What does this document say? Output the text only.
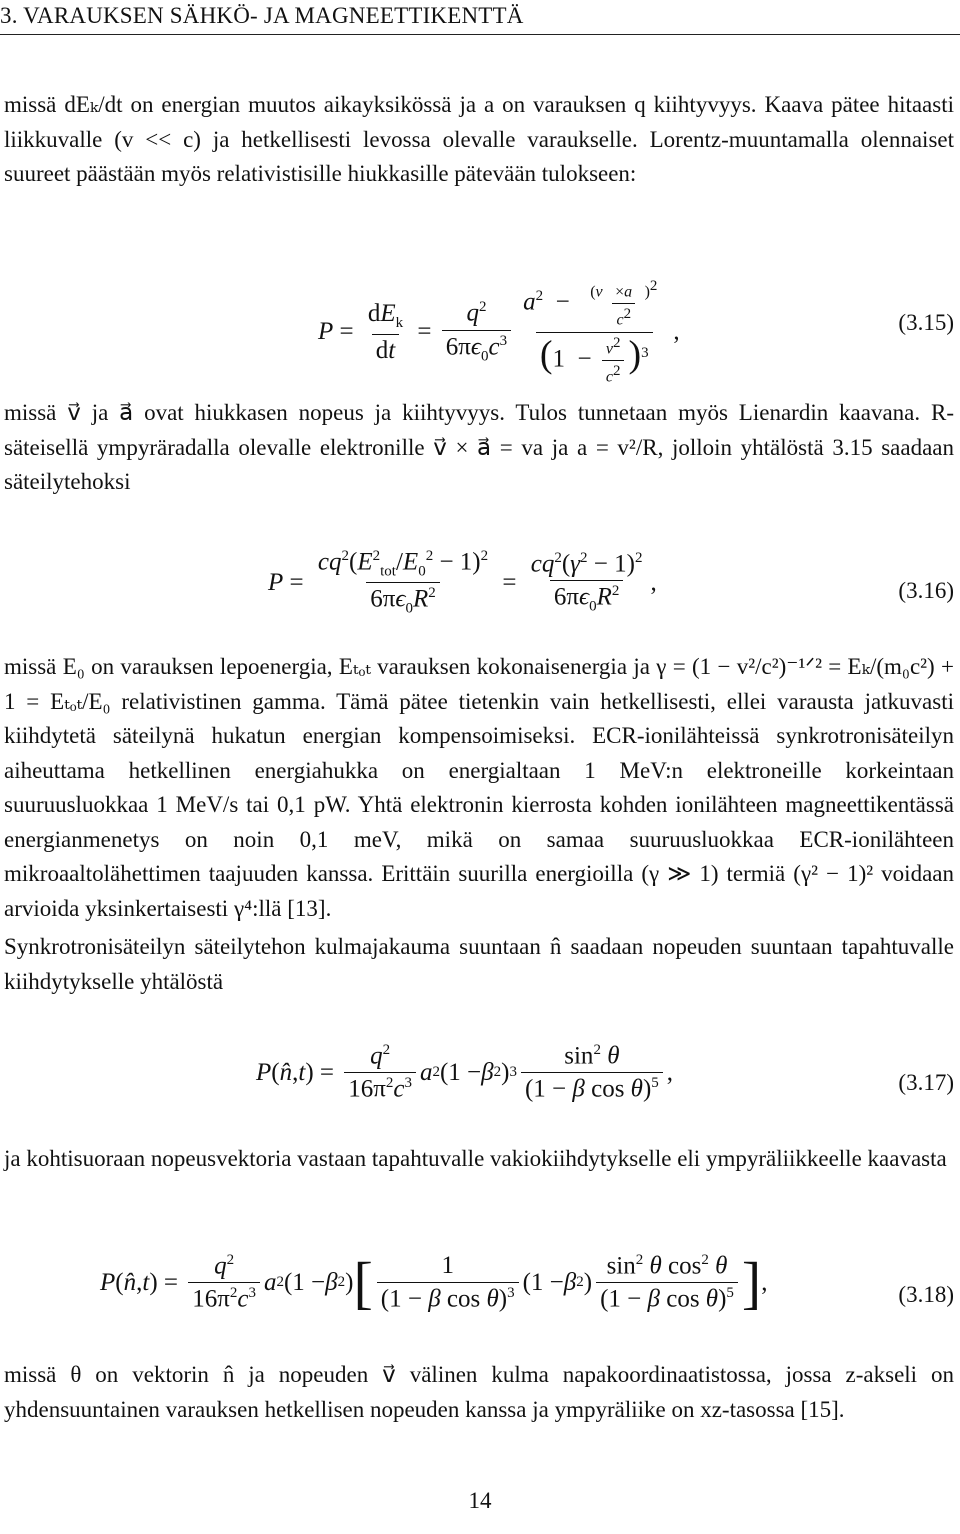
3. VARAUKSEN SÄHKÖ- JA MAGNEETTIKENTTÄ
missä dEₖ/dt on energian muutos aikayksikössä ja a on varauksen q kiihtyvyys. Kaava pätee hitaasti liikkuvalle (v << c) ja hetkellisesti levossa olevalle varaukselle. Lorentz-muuntamalla olennaiset suureet päästään myös relativistisille hiukkasille pätevään tulokseen:
$P = \frac{dE_k}{dt} = \frac{q^2}{6\pi\epsilon_0c^3} \frac{a^2 - \frac{(v⃗\times a⃗)^2}{c^2}}{(1 - \frac{v^2}{c^2} )^3}$ ,	(3.15)
missä v⃗ ja a⃗ ovat hiukkasen nopeus ja kiihtyvyys. Tulos tunnetaan myös Lienardin kaavana. R-säteisellä ympyräradalla olevalle elektronille v⃗ × a⃗ = va ja a = v²/R, jolloin yhtälöstä 3.15 saadaan säteilytehoksi
$P = \frac{cq^2(E^2_{tot}/E_0^2 - 1)^2}{6\pi\epsilon_0R^2} = \frac{cq^2(\gamma^2 - 1)^2}{6\pi\epsilon_0R^2}$ ,	(3.16)
missä E₀ on varauksen lepoenergia, Eₜₒₜ varauksen kokonaisenergia ja γ = (1 − v²/c²)⁻¹ᐟ² = Eₖ/(m₀c²) + 1 = Eₜₒₜ/E₀ relativistinen gamma. Tämä pätee tietenkin vain hetkellisesti, ellei varausta jatkuvasti kiihdytetä säteilynä hukatun energian kompensoimiseksi. ECR-ionilähteissä synkrotronisäteilyn aiheuttama hetkellinen energiahukka on energialtaan 1 MeV:n elektroneille korkeintaan suuruusluokkaa 1 MeV/s tai 0,1 pW. Yhtä elektronin kierrosta kohden ionilähteen magneettikentässä energianmenetys on noin 0,1 meV, mikä on samaa suuruusluokkaa ECR-ionilähteen mikroaaltolähettimen taajuuden kanssa. Erittäin suurilla energioilla (γ ≫ 1) termiä (γ² − 1)² voidaan arvioida yksinkertaisesti γ⁴:llä [13].
Synkrotronisäteilyn säteilytehon kulmajakauma suuntaan n̂ saadaan nopeuden suuntaan tapahtuvalle kiihdytykselle yhtälöstä
P ( n̂ , t ) = $\frac{q^2}{16\pi^2c^3}$ a 2 (1 − β 2 ) $3 \frac{\sin^2 \theta}{(1 - \beta \cos \theta)^5}$ ,	(3.17)
ja kohtisuoraan nopeusvektoria vastaan tapahtuvalle vakiokiihdytykselle eli ympyräliikkeelle kaavasta
P ( n̂ , t ) = $\frac{q^2}{16\pi^2c^3}$ a 2 (1 − β 2 ) [ $\frac{1}{(1 - \beta \cos \theta)^3} (1 - \beta$ 2 ) $\frac{\sin^2 \theta \cos^2 \theta}{(1 - \beta \cos \theta)^5}$ ] ,	(3.18)
missä θ on vektorin n̂ ja nopeuden v⃗ välinen kulma napakoordinaatistossa, jossa z-akseli on yhdensuuntainen varauksen hetkellisen nopeuden kanssa ja ympyräliike on xz-tasossa [15].
14
